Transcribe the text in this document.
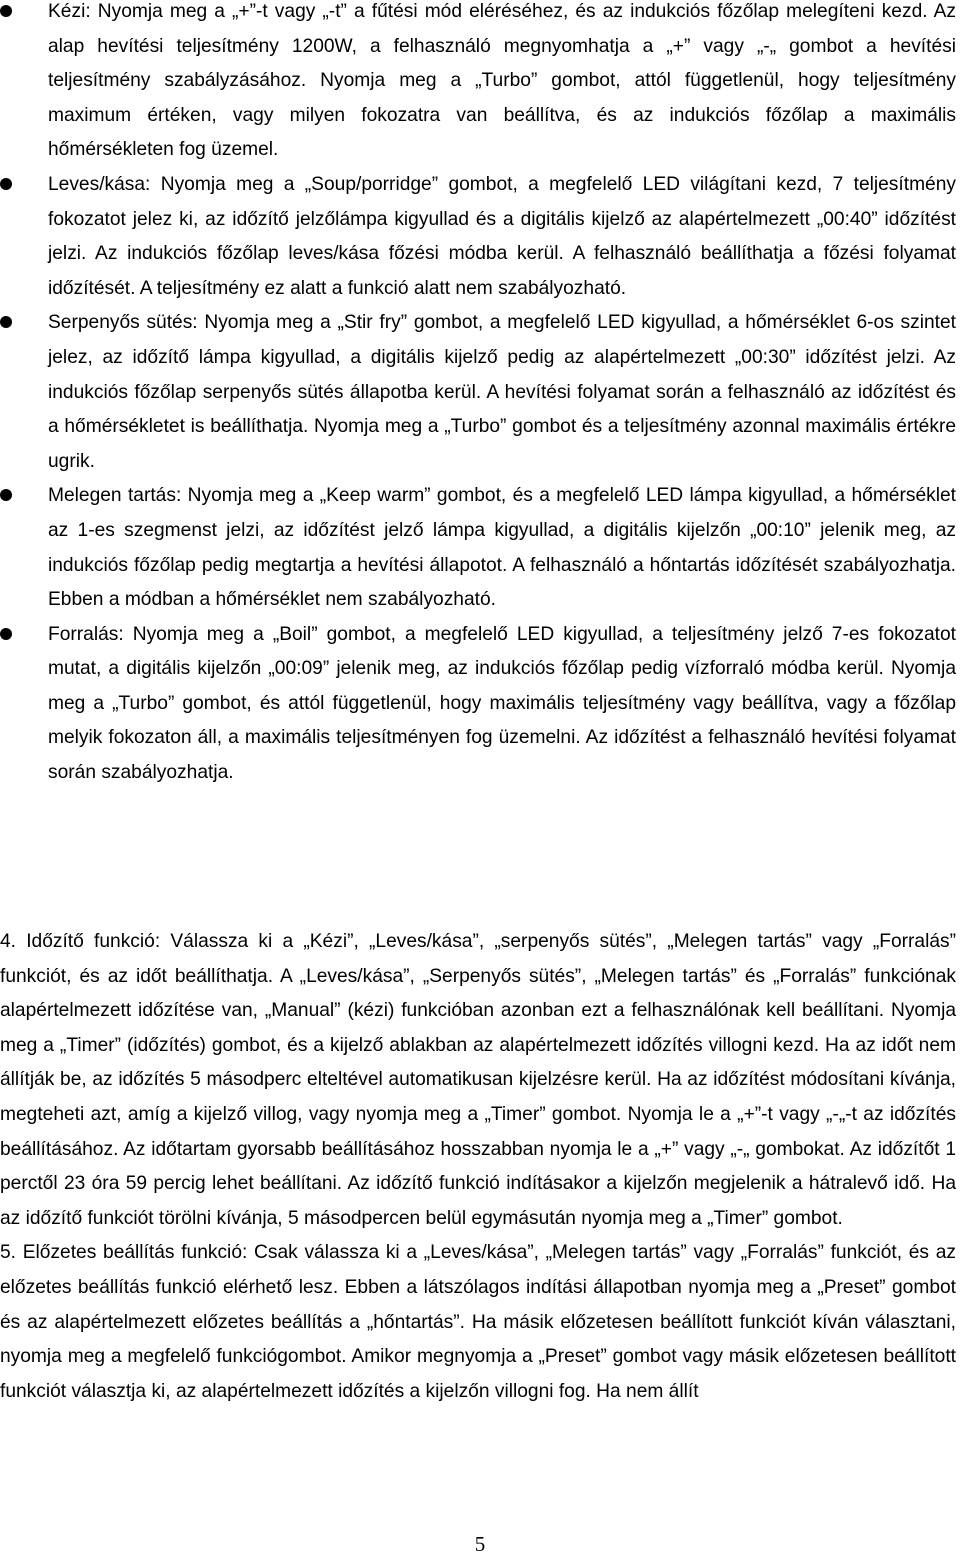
Kézi: Nyomja meg a „+”-t vagy „-t” a fűtési mód eléréséhez, és az indukciós főzőlap melegíteni kezd. Az alap hevítési teljesítmény 1200W, a felhasználó megnyomhatja a „+” vagy „-„ gombot a hevítési teljesítmény szabályzásához. Nyomja meg a „Turbo” gombot, attól függetlenül, hogy teljesítmény maximum értéken, vagy milyen fokozatra van beállítva, és az indukciós főzőlap a maximális hőmérsékleten fog üzemel.
Leves/kása: Nyomja meg a „Soup/porridge” gombot, a megfelelő LED világítani kezd, 7 teljesítmény fokozatot jelez ki, az időzítő jelzőlámpa kigyullad és a digitális kijelző az alapértelmezett „00:40” időzítést jelzi. Az indukciós főzőlap leves/kása főzési módba kerül. A felhasználó beállíthatja a főzési folyamat időzítését. A teljesítmény ez alatt a funkció alatt nem szabályozható.
Serpenyős sütés: Nyomja meg a „Stir fry” gombot, a megfelelő LED kigyullad, a hőmérséklet 6-os szintet jelez, az időzítő lámpa kigyullad, a digitális kijelző pedig az alapértelmezett „00:30” időzítést jelzi. Az indukciós főzőlap serpenyős sütés állapotba kerül. A hevítési folyamat során a felhasználó az időzítést és a hőmérsékletet is beállíthatja. Nyomja meg a „Turbo” gombot és a teljesítmény azonnal maximális értékre ugrik.
Melegen tartás: Nyomja meg a „Keep warm” gombot, és a megfelelő LED lámpa kigyullad, a hőmérséklet az 1-es szegmenst jelzi, az időzítést jelző lámpa kigyullad, a digitális kijelzőn „00:10” jelenik meg, az indukciós főzőlap pedig megtartja a hevítési állapotot. A felhasználó a hőntartás időzítését szabályozhatja. Ebben a módban a hőmérséklet nem szabályozható.
Forralás: Nyomja meg a „Boil” gombot, a megfelelő LED kigyullad, a teljesítmény jelző 7-es fokozatot mutat, a digitális kijelzőn „00:09” jelenik meg, az indukciós főzőlap pedig vízforraló módba kerül. Nyomja meg a „Turbo” gombot, és attól függetlenül, hogy maximális teljesítmény vagy beállítva, vagy a főzőlap melyik fokozaton áll, a maximális teljesítményen fog üzemelni. Az időzítést a felhasználó hevítési folyamat során szabályozhatja.

4. Időzítő funkció: Válassza ki a „Kézi”, „Leves/kása”, „serpenyős sütés”, „Melegen tartás” vagy „Forralás” funkciót, és az időt beállíthatja. A „Leves/kása”, „Serpenyős sütés”, „Melegen tartás” és „Forralás” funkciónak alapértelmezett időzítése van, „Manual” (kézi) funkcióban azonban ezt a felhasználónak kell beállítani. Nyomja meg a „Timer” (időzítés) gombot, és a kijelző ablakban az alapértelmezett időzítés villogni kezd. Ha az időt nem állítják be, az időzítés 5 másodperc elteltével automatikusan kijelzésre kerül. Ha az időzítést módosítani kívánja, megteheti azt, amíg a kijelző villog, vagy nyomja meg a „Timer” gombot. Nyomja le a „+”-t vagy „-„-t az időzítés beállításához. Az időtartam gyorsabb beállításához hosszabban nyomja le a „+” vagy „-„ gombokat. Az időzítőt 1 perctől 23 óra 59 percig lehet beállítani. Az időzítő funkció indításakor a kijelzőn megjelenik a hátralevő idő. Ha az időzítő funkciót törölni kívánja, 5 másodpercen belül egymásután nyomja meg a „Timer” gombot.

5. Előzetes beállítás funkció: Csak válassza ki a „Leves/kása”, „Melegen tartás” vagy „Forralás” funkciót, és az előzetes beállítás funkció elérhető lesz. Ebben a látszólagos indítási állapotban nyomja meg a „Preset” gombot és az alapértelmezett előzetes beállítás a „hőntartás”. Ha másik előzetesen beállított funkciót kíván választani, nyomja meg a megfelelő funkciógombot. Amikor megnyomja a „Preset” gombot vagy másik előzetesen beállított funkciót választja ki, az alapértelmezett időzítés a kijelzőn villogni fog. Ha nem állít

5
